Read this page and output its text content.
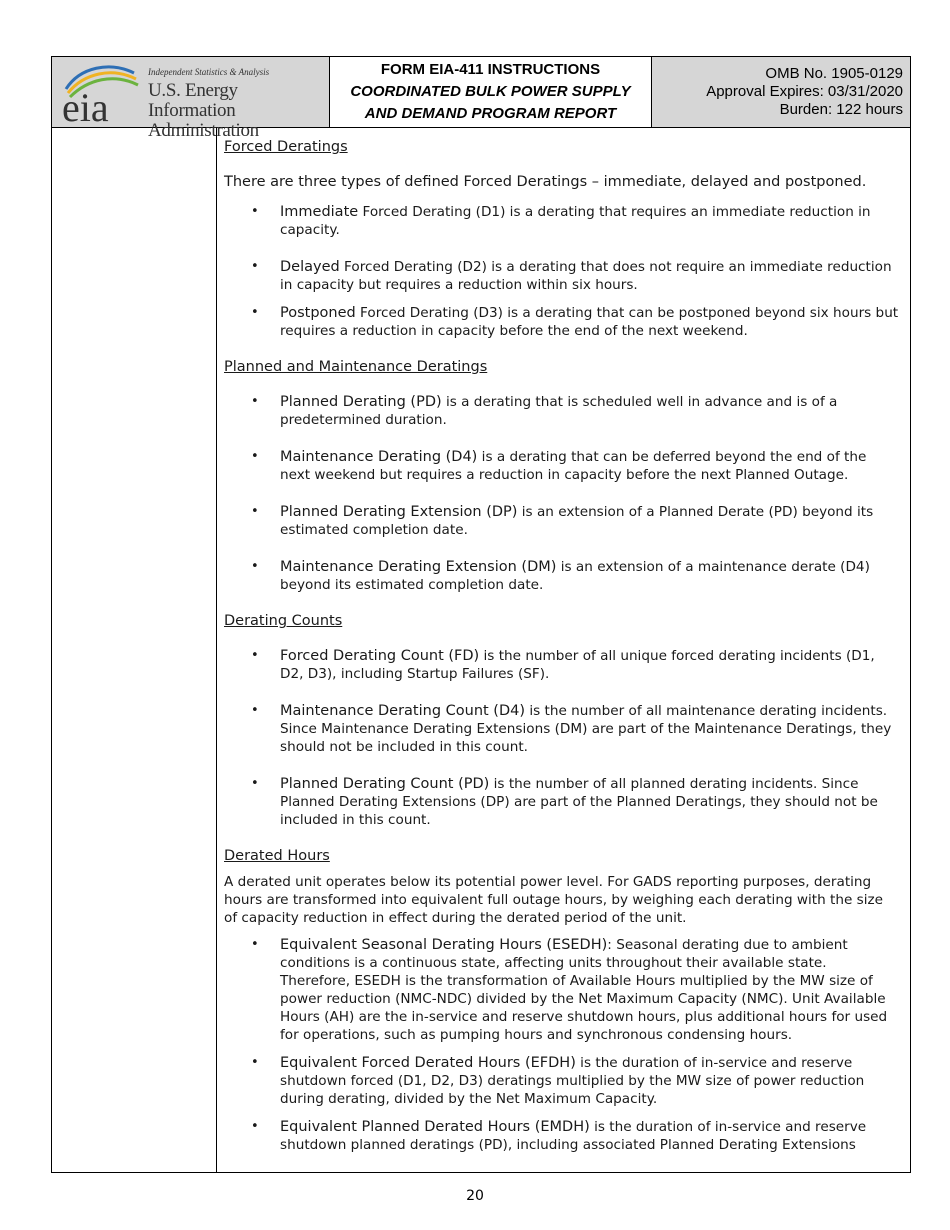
eia
Independent Statistics & Analysis
U.S. Energy Information
Administration
FORM EIA-411 INSTRUCTIONS
COORDINATED BULK POWER SUPPLY
AND DEMAND PROGRAM REPORT
OMB No. 1905-0129
Approval Expires: 03/31/2020
Burden: 122 hours
Forced Deratings

There are three types of defined Forced Deratings – immediate, delayed and postponed.

• Immediate Forced Derating (D1) is a derating that requires an immediate reduction in capacity.
• Delayed Forced Derating (D2) is a derating that does not require an immediate reduction in capacity but requires a reduction within six hours.
• Postponed Forced Derating (D3) is a derating that can be postponed beyond six hours but requires a reduction in capacity before the end of the next weekend.
Planned and Maintenance Deratings
• Planned Derating (PD) is a derating that is scheduled well in advance and is of a predetermined duration.
• Maintenance Derating (D4) is a derating that can be deferred beyond the end of the next weekend but requires a reduction in capacity before the next Planned Outage.
• Planned Derating Extension (DP) is an extension of a Planned Derate (PD) beyond its estimated completion date.
• Maintenance Derating Extension (DM) is an extension of a maintenance derate (D4) beyond its estimated completion date.
Derating Counts
• Forced Derating Count (FD) is the number of all unique forced derating incidents (D1, D2, D3), including Startup Failures (SF).
• Maintenance Derating Count (D4) is the number of all maintenance derating incidents. Since Maintenance Derating Extensions (DM) are part of the Maintenance Deratings, they should not be included in this count.
• Planned Derating Count (PD) is the number of all planned derating incidents. Since Planned Derating Extensions (DP) are part of the Planned Deratings, they should not be included in this count.
Derated Hours

A derated unit operates below its potential power level. For GADS reporting purposes, derating hours are transformed into equivalent full outage hours, by weighing each derating with the size of capacity reduction in effect during the derated period of the unit.

• Equivalent Seasonal Derating Hours (ESEDH): Seasonal derating due to ambient conditions is a continuous state, affecting units throughout their available state. Therefore, ESEDH is the transformation of Available Hours multiplied by the MW size of power reduction (NMC-NDC) divided by the Net Maximum Capacity (NMC). Unit Available Hours (AH) are the in-service and reserve shutdown hours, plus additional hours for used for operations, such as pumping hours and synchronous condensing hours.
• Equivalent Forced Derated Hours (EFDH) is the duration of in-service and reserve shutdown forced (D1, D2, D3) deratings multiplied by the MW size of power reduction during derating, divided by the Net Maximum Capacity.
• Equivalent Planned Derated Hours (EMDH) is the duration of in-service and reserve shutdown planned deratings (PD), including associated Planned Derating Extensions
20
